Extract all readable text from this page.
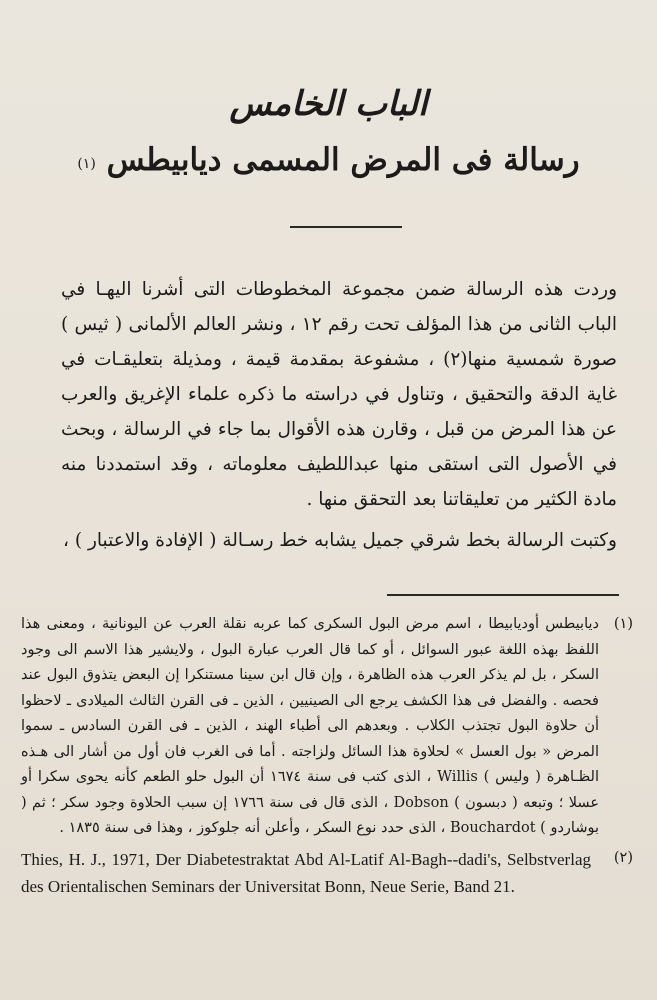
الباب الخامس
رسالة فى المرض المسمى ديابيطس $^{(١)}$

وردت هذه الرسالة ضمن مجموعة المخطوطات التى أشرنا اليهـا في الباب الثانى من هذا المؤلف تحت رقم ١٢ ، ونشر العالم الألمانى ( ثيس ) صورة شمسية منها(٢) ، مشفوعة بمقدمة قيمة ، ومذيلة بتعليقـات في غاية الدقة والتحقيق ، وتناول في دراسته ما ذكره علماء الإغريق والعرب عن هذا المرض من قبل ، وقارن هذه الأقوال بما جاء في الرسالة ، وبحث في الأصول التى استقى منها عبداللطيف معلوماته ، وقد استمددنا منه مادة الكثير من تعليقاتنا بعد التحقق منها .

وكتبت الرسالة بخط شرقي جميل يشابه خط رسـالة ( الإفادة والاعتبار ) ،

(١)
ديابيطس أوديابيطا ، اسم مرض البول السكرى كما عربه نقلة العرب عن اليونانية ، ومعنى هذا اللفظ بهذه اللغة عبور السوائل ، أو كما قال العرب عبارة البول ، ولايشير هذا الاسم الى وجود السكر ، بل لم يذكر العرب هذه الظاهرة ، وإن قال ابن سينا مستنكرا إن البعض يتذوق البول عند فحصه . والفضل فى هذا الكشف يرجع الى الصينيين ، الذين ـ فى القرن الثالث الميلادى ـ لاحظوا أن حلاوة البول تجتذب الكلاب . وبعدهم الى أطباء الهند ، الذين ـ فى القرن السادس ـ سموا المرض « بول العسل » لحلاوة هذا السائل ولزاجته . أما فى الغرب فان أول من أشار الى هـذه الظـاهرة ( وليس ) Willis ، الذى كتب فى سنة ١٦٧٤ أن البول حلو الطعم كأنه يحوى سكرا أو عسلا ؛ وتبعه ( دبسون ) Dobson ، الذى قال فى سنة ١٧٦٦ إن سبب الحلاوة وجود سكر ؛ ثم ( بوشاردو ) Bouchardot ، الذى حدد نوع السكر ، وأعلن أنه جلوكوز ، وهذا فى سنة ١٨٣٥ .
(٢)
Thies, H. J., 1971, Der Diabetestraktat Abd Al-Latif Al-Bagh--dadi's, Selbstverlag des Orientalischen Seminars der Universitat Bonn, Neue Serie, Band 21.
